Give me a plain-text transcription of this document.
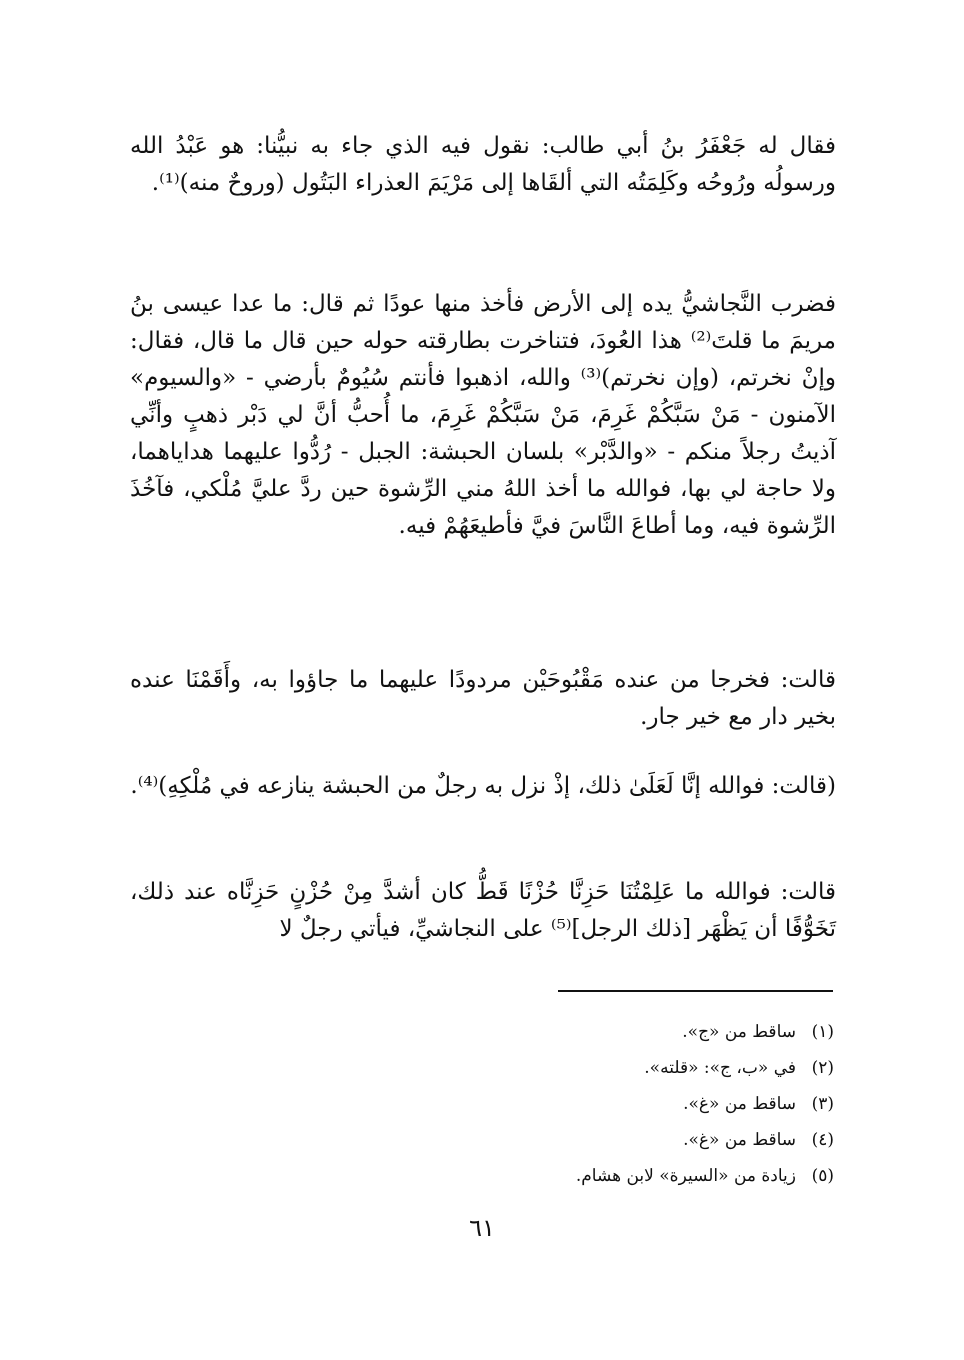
فقال له جَعْفَرُ بنُ أبي طالب: نقول فيه الذي جاء به نبيُّنا: هو عَبْدُ الله ورسولُه ورُوحُه وكَلِمَتُه التي ألقَاها إلى مَرْيَمَ العذراء البَتُول (وروحٌ منه)⁽¹⁾.

فضرب النَّجاشيُّ يده إلى الأرض فأخذ منها عودًا ثم قال: ما عدا عيسى بنُ مريمَ ما قلتَ⁽²⁾ هذا العُودَ، فتناخرت بطارقته حوله حين قال ما قال، فقال: وإنْ نخرتم، (وإن نخرتم)⁽³⁾ والله، اذهبوا فأنتم سُيُومٌ بأرضي - «والسيوم» الآمنون - مَنْ سَبَّكُمْ غَرِمَ، مَنْ سَبَّكُمْ غَرِمَ، ما أُحبُّ أنَّ لي دَبْر ذهبٍ وأنِّي آذيتُ رجلاً منكم - «والدَّبْر» بلسان الحبشة: الجبل - رُدُّوا عليهما هداياهما، ولا حاجة لي بها، فوالله ما أخذ اللهُ مني الرِّشوة حين ردَّ عليَّ مُلْكي، فآخُذَ الرِّشوة فيه، وما أطاعَ النَّاسَ فيَّ فأطيعَهُمْ فيه.

قالت: فخرجا من عنده مَقْبُوحَيْن مردودًا عليهما ما جاؤوا به، وأَقَمْنَا عنده بخير دار مع خير جار.

(قالت: فوالله إنَّا لَعَلَىٰ ذلك، إذْ نزل به رجلٌ من الحبشة ينازعه في مُلْكِهِ)⁽⁴⁾.

قالت: فوالله ما عَلِمْتُنَا حَزِنَّا حُزْنًا قَطُّ كان أشدَّ مِنْ حُزْنٍ حَزِنَّاه عند ذلك، تَخَوُّفًا أن يَظْهَر [ذلك الرجل]⁽⁵⁾ على النجاشيِّ، فيأتي رجلٌ لا

(١)
ساقط من «ج».
(٢)
في «ب، ج»: «قلته».
(٣)
ساقط من «غ».
(٤)
ساقط من «غ».
(٥)
زيادة من «السيرة» لابن هشام.
٦١
